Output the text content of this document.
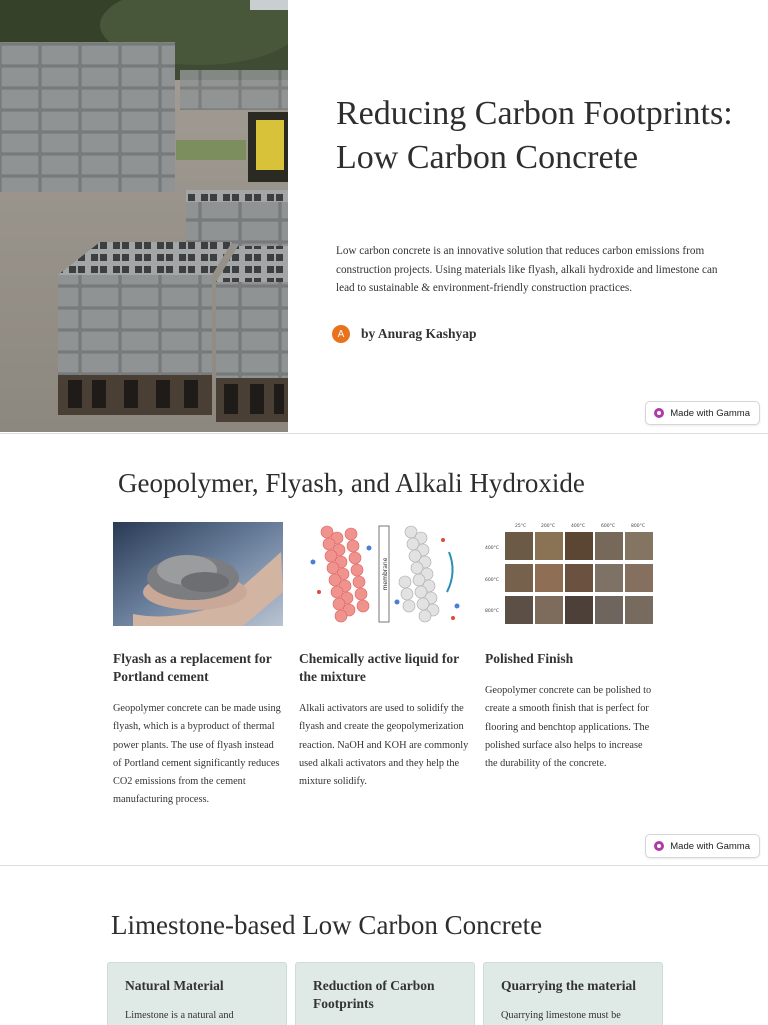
Reducing Carbon Footprints: Low Carbon Concrete

Low carbon concrete is an innovative solution that reduces carbon emissions from construction projects. Using materials like flyash, alkali hydroxide and limestone can lead to sustainable & environment-friendly construction practices.

A	by Anurag Kashyap
Made with Gamma
Geopolymer, Flyash, and Alkali Hydroxide
Flyash as a replacement for Portland cement

Geopolymer concrete can be made using flyash, which is a byproduct of thermal power plants. The use of flyash instead of Portland cement significantly reduces CO2 emissions from the cement manufacturing process.

membrane
Chemically active liquid for the mixture

Alkali activators are used to solidify the flyash and create the geopolymerization reaction. NaOH and KOH are commonly used alkali activators and they help the mixture solidify.

25°C	200°C	400°C	600°C	800°C
400°C
600°C
800°C
Polished Finish

Geopolymer concrete can be polished to create a smooth finish that is perfect for flooring and benchtop applications. The polished surface also helps to increase the durability of the concrete.

Made with Gamma
Limestone-based Low Carbon Concrete
Natural Material

Limestone is a natural and

Reduction of Carbon Footprints

Quarrying the material

Quarrying limestone must be
